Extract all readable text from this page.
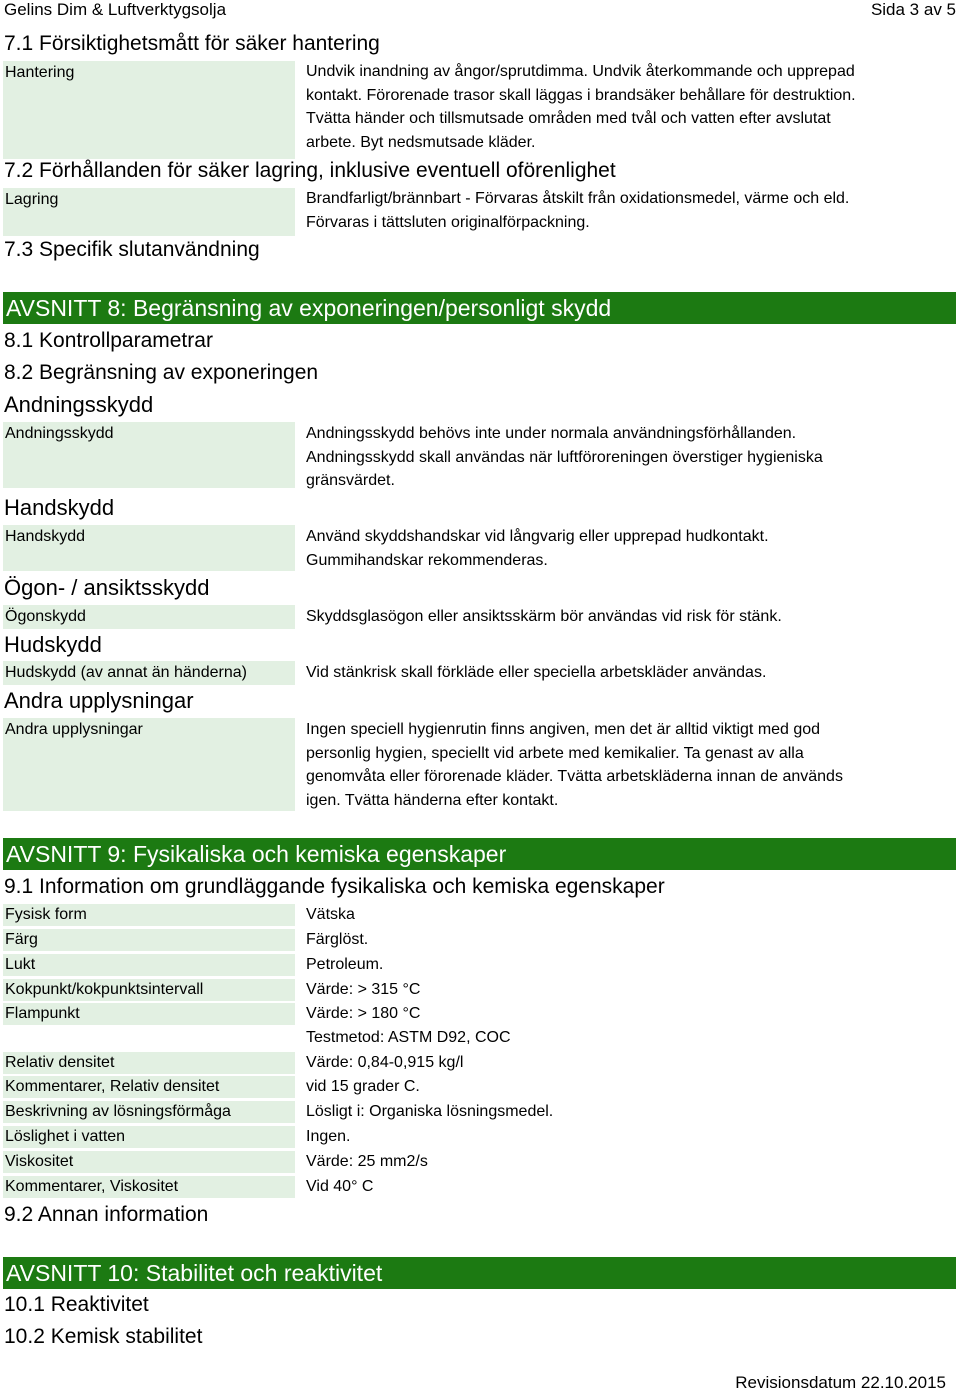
Gelins Dim & Luftverktygsolja	Sida 3 av 5
7.1 Försiktighetsmått för säker hantering
Hantering	Undvik inandning av ångor/sprutdimma. Undvik återkommande och upprepad
kontakt. Förorenade trasor skall läggas i brandsäker behållare för destruktion.
Tvätta händer och tillsmutsade områden med tvål och vatten efter avslutat
arbete. Byt nedsmutsade kläder.
7.2 Förhållanden för säker lagring, inklusive eventuell oförenlighet
Lagring	Brandfarligt/brännbart - Förvaras åtskilt från oxidationsmedel, värme och eld.
Förvaras i tättsluten originalförpackning.
7.3 Specifik slutanvändning
AVSNITT 8: Begränsning av exponeringen/personligt skydd
8.1 Kontrollparametrar
8.2 Begränsning av exponeringen
Andningsskydd
Andningsskydd	Andningsskydd behövs inte under normala användningsförhållanden.
Andningsskydd skall användas när luftföroreningen överstiger hygieniska
gränsvärdet.
Handskydd
Handskydd	Använd skyddshandskar vid långvarig eller upprepad hudkontakt.
Gummihandskar rekommenderas.
Ögon- / ansiktsskydd
Ögonskydd	Skyddsglasögon eller ansiktsskärm bör användas vid risk för stänk.
Hudskydd
Hudskydd (av annat än händerna)	Vid stänkrisk skall förkläde eller speciella arbetskläder användas.
Andra upplysningar
Andra upplysningar	Ingen speciell hygienrutin finns angiven, men det är alltid viktigt med god
personlig hygien, speciellt vid arbete med kemikalier. Ta genast av alla
genomvåta eller förorenade kläder. Tvätta arbetskläderna innan de används
igen. Tvätta händerna efter kontakt.
AVSNITT 9: Fysikaliska och kemiska egenskaper
9.1 Information om grundläggande fysikaliska och kemiska egenskaper
Fysisk form	Vätska
Färg	Färglöst.
Lukt	Petroleum.
Kokpunkt/kokpunktsintervall	Värde: > 315 °C
Flampunkt	Värde: > 180 °C
Testmetod: ASTM D92, COC
Relativ densitet	Värde: 0,84-0,915 kg/l
Kommentarer, Relativ densitet	vid 15 grader C.
Beskrivning av lösningsförmåga	Lösligt i: Organiska lösningsmedel.
Löslighet i vatten	Ingen.
Viskositet	Värde: 25 mm2/s
Kommentarer, Viskositet	Vid 40° C
9.2 Annan information
AVSNITT 10: Stabilitet och reaktivitet
10.1 Reaktivitet
10.2 Kemisk stabilitet
Revisionsdatum 22.10.2015
